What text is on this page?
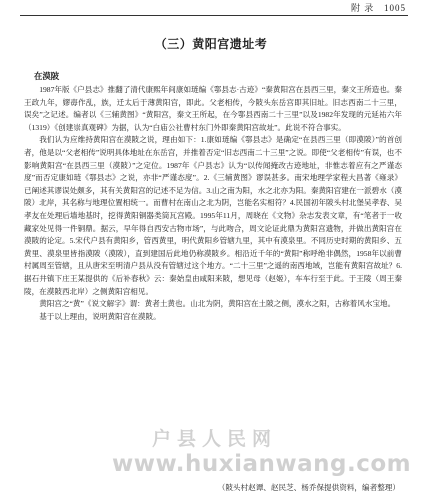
附 录   1005
（三）黄阳宫遗址考
在漠陂

1987年版《户县志》推翻了清代康熙年间康如琏编《鄠县志·古迹》“秦黄阳宫在县西三里，秦文王所造也。秦王政九年，嫪毐作乱，族，迁太后于薄黄阳宫，即此。父老相传，今陂头东岳宫即其旧址。旧志西南二十三里，误矣”之记述。编者以《三辅黄图》“黄阳宫，秦文王所起，在今鄠县西南二十三里”以及1982年发现的元延祐六年（1319）《创建崇真观碑》为据，认为“白庙公社曹村东门外即秦黄阳宫故址”。此说不符合事实。

我们认为应维持黄阳宫在漠陂之说，理由如下：1.康如琏编《鄠县志》是确定“在县西三里（即漠陂）”的首创者，他是以“父老相传”说明具体地址在东岳宫，并推着否定“旧志西南二十三里”之说。即使“父老相传”有误，也不影响黄阳宫“在县西三里（漠陂）”之定位。1987年《户县志》认为“以传闻掩改古迹地址，非惟志着应有之严谨态度”而否定康如琏《鄠县志》之说，亦非“严谨态度”。2.《三辅黄图》谬误甚多。南宋地理学家程大昌著《雍录》已阐述其谬误处颇多，其有关黄阳宫的记述不足为信。3.山之南为阳，水之北亦为阳。秦黄阳宫建在一派碧水（漠陂）北岸，其名称与地理位置相统一。而曹村在南山之北为阴，岂能名实相符？4.民国初年陂头村北堡吴孝春、吴孝友在处理后墙地基时，挖得黄阳铜器类筒瓦宫殿。1995年11月，周晓在《文物》杂志发表文章，有“笔者于一收藏家处见得一件铜鼎。据云，早年得自西安古物市场”，与此吻合，周文论证此鼎为黄阳宫遗物，并做出黄阳宫在漠陂的论定。5.宋代户县有黄阳乡，管西黄里，明代黄阳乡管辖九里，其中有漠泉里。不同历史时期的黄阳乡、五黄里、漠泉里皆指漠陂（漠陂），直到建国后此地仍称漠陂乡。相沿近千年的“黄阳”称呼绝非偶然，1958年以前曹村属周至管辖，且从唐宋至明清户县从没有管辖过这个地方。“二十三里”之遥的南西地域，岂能有黄阳宫故址？6.据石井镇下庄王某提供的《后补春秋》云：秦始皇由咸阳来陂，想见母（赵姬），车车行至于此。于王陵（周王秦陵，在漠陂西北岸）之侧黄阳宫相见。

黄阳宫之“黄”《说文解字》谓：黄者土黄也。山北为阴，黄阳宫在土陂之侧，漠水之阳，古称着风水宝地。

基于以上理由，说明黄阳宫在漠陂。

（陂头村赵谭、赵民芝、杨乔保提供资料，编者整理）
户县人民网
www.huxianwang.com
